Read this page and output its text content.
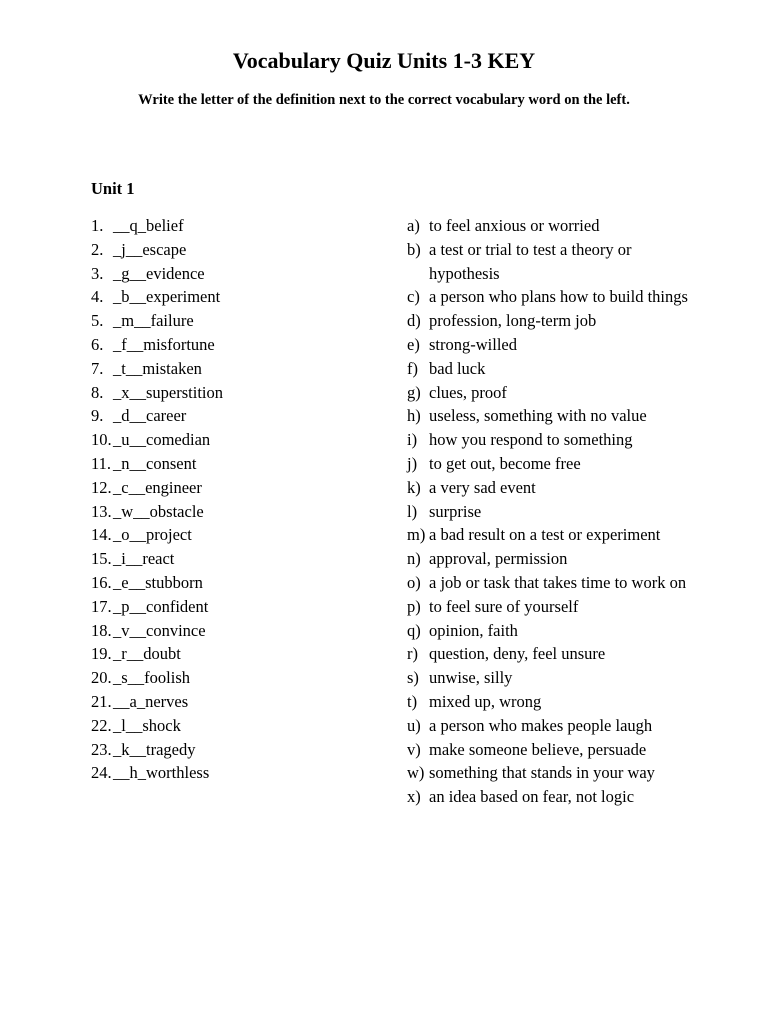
Vocabulary Quiz Units 1-3 KEY
Write the letter of the definition next to the correct vocabulary word on the left.
Unit 1
1. __q_belief
2. _j__escape
3. _g__evidence
4. _b__experiment
5. _m__failure
6. _f__misfortune
7. _t__mistaken
8. _x__superstition
9. _d__career
10. _u__comedian
11. _n__consent
12. _c__engineer
13. _w__obstacle
14. _o__project
15. _i__react
16. _e__stubborn
17. _p__confident
18. _v__convince
19. _r__doubt
20. _s__foolish
21. __a_nerves
22. _l__shock
23. _k__tragedy
24. __h_worthless
a) to feel anxious or worried
b) a test or trial to test a theory or hypothesis
c) a person who plans how to build things
d) profession, long-term job
e) strong-willed
f) bad luck
g) clues, proof
h) useless, something with no value
i) how you respond to something
j) to get out, become free
k) a very sad event
l) surprise
m) a bad result on a test or experiment
n) approval, permission
o) a job or task that takes time to work on
p) to feel sure of yourself
q) opinion, faith
r) question, deny, feel unsure
s) unwise, silly
t) mixed up, wrong
u) a person who makes people laugh
v) make someone believe, persuade
w) something that stands in your way
x) an idea based on fear, not logic
